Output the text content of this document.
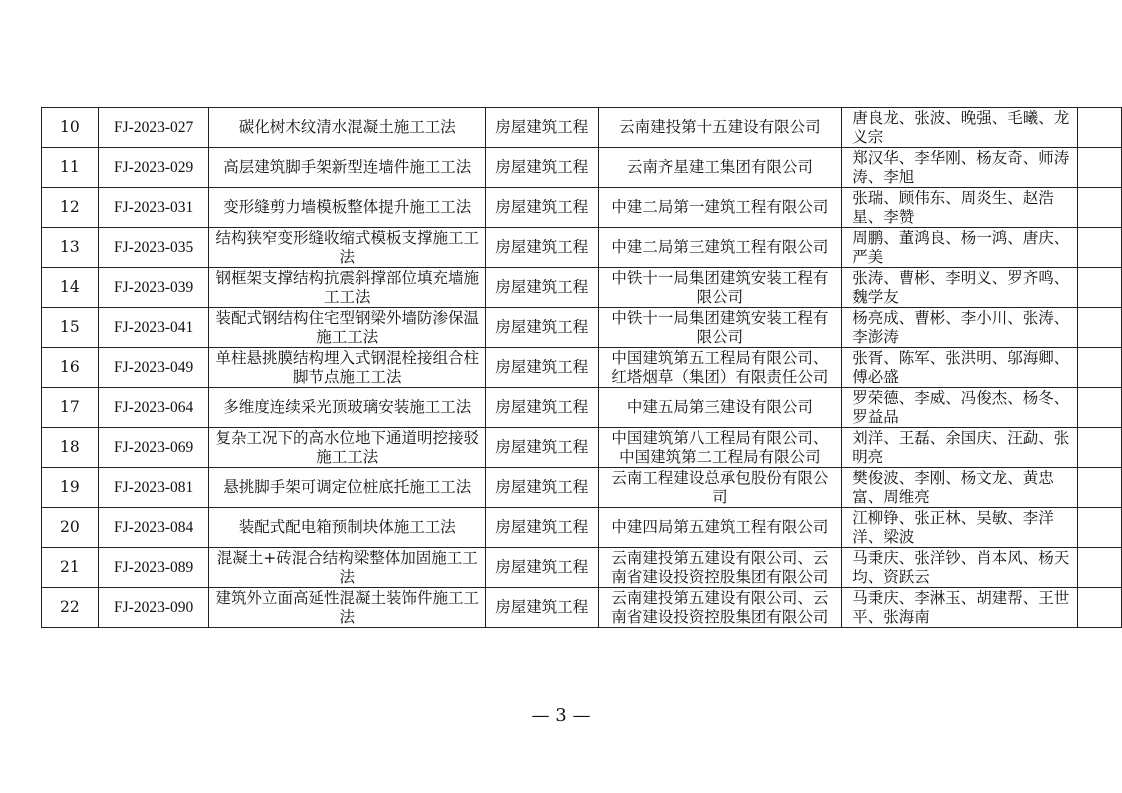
10	FJ-2023-027	碳化树木纹清水混凝土施工工法	房屋建筑工程	云南建投第十五建设有限公司	唐良龙、张波、晚强、毛曦、龙义宗	
11	FJ-2023-029	高层建筑脚手架新型连墙件施工工法	房屋建筑工程	云南齐星建工集团有限公司	郑汉华、李华刚、杨友奇、师涛涛、李旭	
12	FJ-2023-031	变形缝剪力墙模板整体提升施工工法	房屋建筑工程	中建二局第一建筑工程有限公司	张瑞、顾伟东、周炎生、赵浩星、李赞	
13	FJ-2023-035	结构狭窄变形缝收缩式模板支撑施工工法	房屋建筑工程	中建二局第三建筑工程有限公司	周鹏、董鸿良、杨一鸿、唐庆、严美	
14	FJ-2023-039	钢框架支撑结构抗震斜撑部位填充墙施工工法	房屋建筑工程	中铁十一局集团建筑安装工程有限公司	张涛、曹彬、李明义、罗齐鸣、魏学友	
15	FJ-2023-041	装配式钢结构住宅型钢梁外墙防渗保温施工工法	房屋建筑工程	中铁十一局集团建筑安装工程有限公司	杨亮成、曹彬、李小川、张涛、李澎涛	
16	FJ-2023-049	单柱悬挑膜结构埋入式钢混栓接组合柱脚节点施工工法	房屋建筑工程	中国建筑第五工程局有限公司、红塔烟草（集团）有限责任公司	张胥、陈军、张洪明、邬海卿、傅必盛	
17	FJ-2023-064	多维度连续采光顶玻璃安装施工工法	房屋建筑工程	中建五局第三建设有限公司	罗荣德、李威、冯俊杰、杨冬、罗益品	
18	FJ-2023-069	复杂工况下的高水位地下通道明挖接驳施工工法	房屋建筑工程	中国建筑第八工程局有限公司、中国建筑第二工程局有限公司	刘洋、王磊、余国庆、汪勐、张明亮	
19	FJ-2023-081	悬挑脚手架可调定位桩底托施工工法	房屋建筑工程	云南工程建设总承包股份有限公司	樊俊波、李刚、杨文龙、黄忠富、周维亮	
20	FJ-2023-084	装配式配电箱预制块体施工工法	房屋建筑工程	中建四局第五建筑工程有限公司	江柳铮、张正林、吴敏、李洋洋、梁波	
21	FJ-2023-089	混凝土+砖混合结构梁整体加固施工工法	房屋建筑工程	云南建投第五建设有限公司、云南省建设投资控股集团有限公司	马秉庆、张洋钞、肖本风、杨天均、资跃云	
22	FJ-2023-090	建筑外立面高延性混凝土装饰件施工工法	房屋建筑工程	云南建投第五建设有限公司、云南省建设投资控股集团有限公司	马秉庆、李淋玉、胡建帮、王世平、张海南	
— 3 —
